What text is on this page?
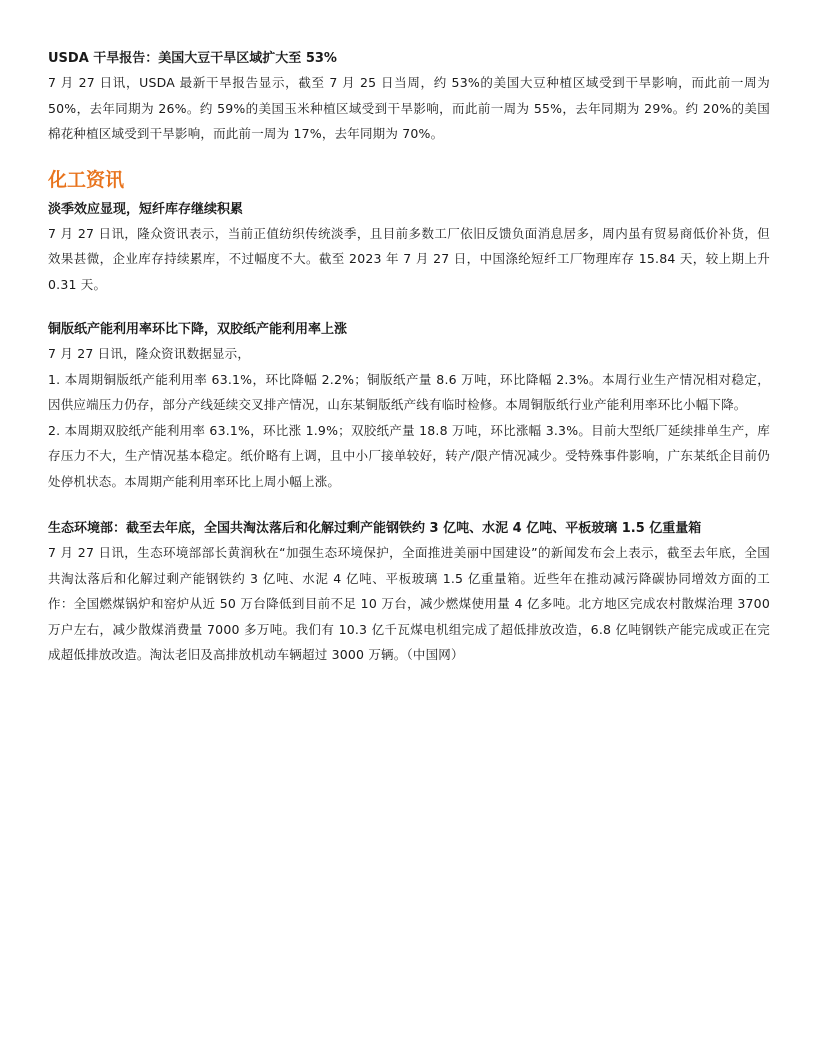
USDA 干旱报告：美国大豆干旱区域扩大至 53%

7 月 27 日讯，USDA 最新干旱报告显示，截至 7 月 25 日当周，约 53%的美国大豆种植区域受到干旱影响，而此前一周为 50%，去年同期为 26%。约 59%的美国玉米种植区域受到干旱影响，而此前一周为 55%，去年同期为 29%。约 20%的美国棉花种植区域受到干旱影响，而此前一周为 17%，去年同期为 70%。

化工资讯
淡季效应显现，短纤库存继续积累

7 月 27 日讯，隆众资讯表示，当前正值纺织传统淡季，且目前多数工厂依旧反馈负面消息居多，周内虽有贸易商低价补货，但效果甚微，企业库存持续累库，不过幅度不大。截至 2023 年 7 月 27 日，中国涤纶短纤工厂物理库存 15.84 天，较上期上升 0.31 天。

铜版纸产能利用率环比下降，双胶纸产能利用率上涨

7 月 27 日讯，隆众资讯数据显示，

1. 本周期铜版纸产能利用率 63.1%，环比降幅 2.2%；铜版纸产量 8.6 万吨，环比降幅 2.3%。本周行业生产情况相对稳定，因供应端压力仍存，部分产线延续交叉排产情况，山东某铜版纸产线有临时检修。本周铜版纸行业产能利用率环比小幅下降。

2. 本周期双胶纸产能利用率 63.1%，环比涨 1.9%；双胶纸产量 18.8 万吨，环比涨幅 3.3%。目前大型纸厂延续排单生产，库存压力不大，生产情况基本稳定。纸价略有上调，且中小厂接单较好，转产/限产情况减少。受特殊事件影响，广东某纸企目前仍处停机状态。本周期产能利用率环比上周小幅上涨。

生态环境部：截至去年底，全国共淘汰落后和化解过剩产能钢铁约 3 亿吨、水泥 4 亿吨、平板玻璃 1.5 亿重量箱

7 月 27 日讯，生态环境部部长黄润秋在“加强生态环境保护，全面推进美丽中国建设”的新闻发布会上表示，截至去年底，全国共淘汰落后和化解过剩产能钢铁约 3 亿吨、水泥 4 亿吨、平板玻璃 1.5 亿重量箱。近些年在推动减污降碳协同增效方面的工作：全国燃煤锅炉和窑炉从近 50 万台降低到目前不足 10 万台，减少燃煤使用量 4 亿多吨。北方地区完成农村散煤治理 3700 万户左右，减少散煤消费量 7000 多万吨。我们有 10.3 亿千瓦煤电机组完成了超低排放改造，6.8 亿吨钢铁产能完成或正在完成超低排放改造。淘汰老旧及高排放机动车辆超过 3000 万辆。（中国网）
